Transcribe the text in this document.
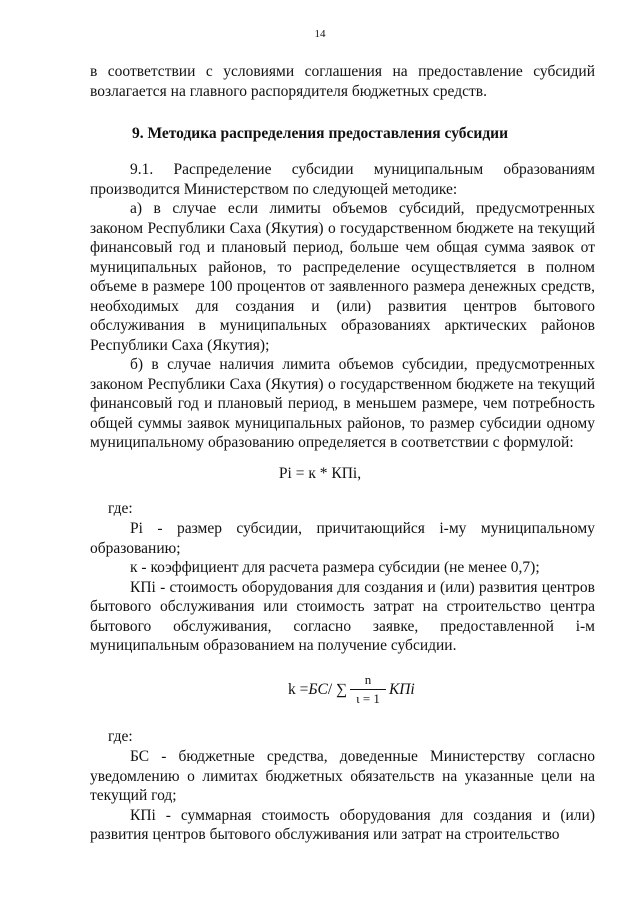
14

в соответствии с условиями соглашения на предоставление субсидий возлагается на главного распорядителя бюджетных средств.

9. Методика распределения предоставления субсидии

9.1. Распределение субсидии муниципальным образованиям производится Министерством по следующей методике:

а) в случае если лимиты объемов субсидий, предусмотренных законом Республики Саха (Якутия) о государственном бюджете на текущий финансовый год и плановый период, больше чем общая сумма заявок от муниципальных районов, то распределение осуществляется в полном объеме в размере 100 процентов от заявленного размера денежных средств, необходимых для создания и (или) развития центров бытового обслуживания в муниципальных образованиях арктических районов Республики Саха (Якутия);

б) в случае наличия лимита объемов субсидии, предусмотренных законом Республики Саха (Якутия) о государственном бюджете на текущий финансовый год и плановый период, в меньшем размере, чем потребность общей суммы заявок муниципальных районов, то размер субсидии одному муниципальному образованию определяется в соответствии с формулой:

Pi = к * КПi,
где:

Pi - размер субсидии, причитающийся i-му муниципальному образованию;

к - коэффициент для расчета размера субсидии (не менее 0,7);

КПi - стоимость оборудования для создания и (или) развития центров бытового обслуживания или стоимость затрат на строительство центра бытового обслуживания, согласно заявке, предоставленной i-м муниципальным образованием на получение субсидии.

k = БС / ∑ $\frac{n}{\iota = 1}$ КПi
где:

БС - бюджетные средства, доведенные Министерству согласно уведомлению о лимитах бюджетных обязательств на указанные цели на текущий год;

КПi - суммарная стоимость оборудования для создания и (или) развития центров бытового обслуживания или затрат на строительство
